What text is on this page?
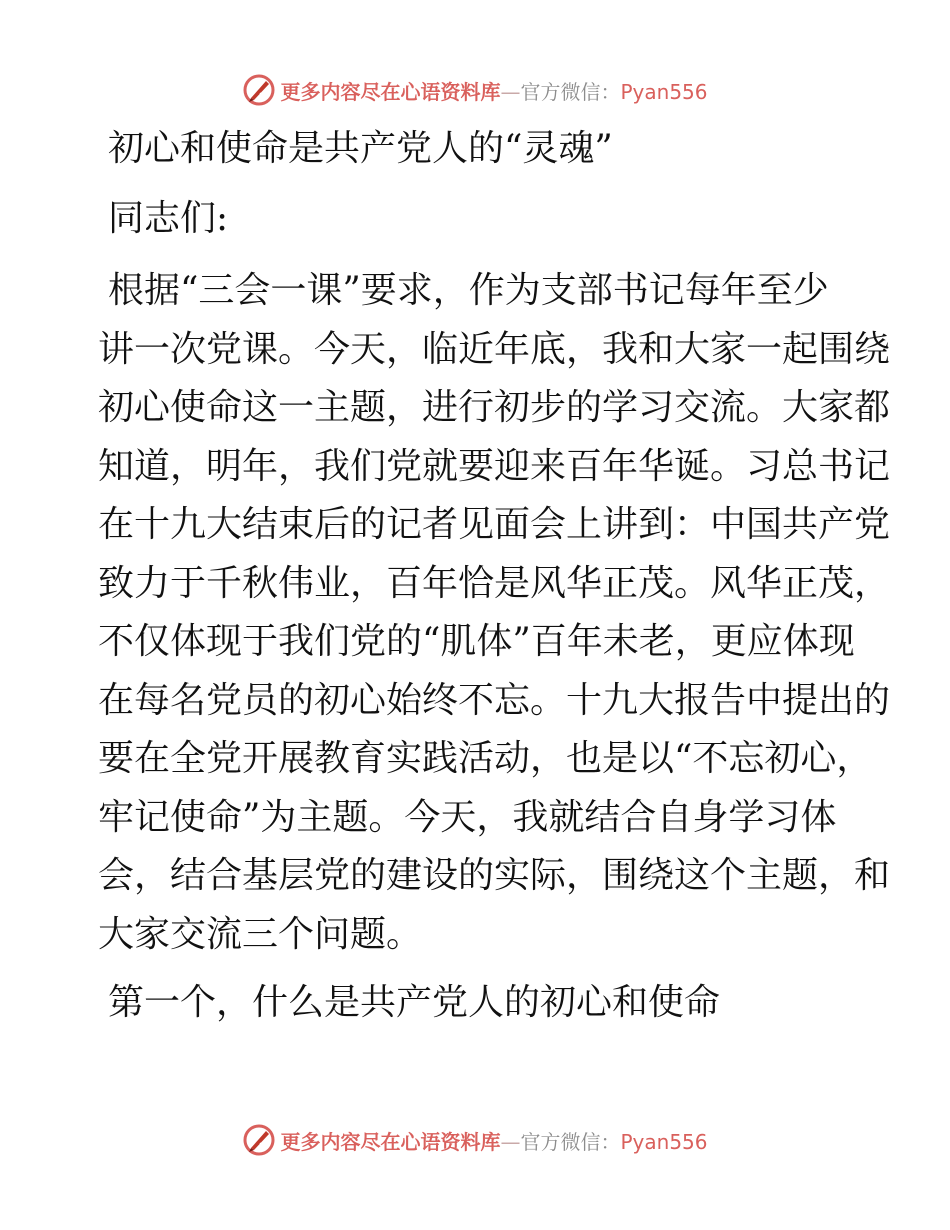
更多内容尽在心语资料库—官方微信：Pyan556
初心和使命是共产党人的“灵魂”
同志们:
根据“三会一课”要求，作为支部书记每年至少
讲一次党课。今天，临近年底，我和大家一起围绕
初心使命这一主题，进行初步的学习交流。大家都
知道，明年，我们党就要迎来百年华诞。习总书记
在十九大结束后的记者见面会上讲到：中国共产党
致力于千秋伟业，百年恰是风华正茂。风华正茂，
不仅体现于我们党的“肌体”百年未老，更应体现
在每名党员的初心始终不忘。十九大报告中提出的
要在全党开展教育实践活动，也是以“不忘初心，
牢记使命”为主题。今天，我就结合自身学习体
会，结合基层党的建设的实际，围绕这个主题，和
大家交流三个问题。
第一个，什么是共产党人的初心和使命
更多内容尽在心语资料库—官方微信：Pyan556
